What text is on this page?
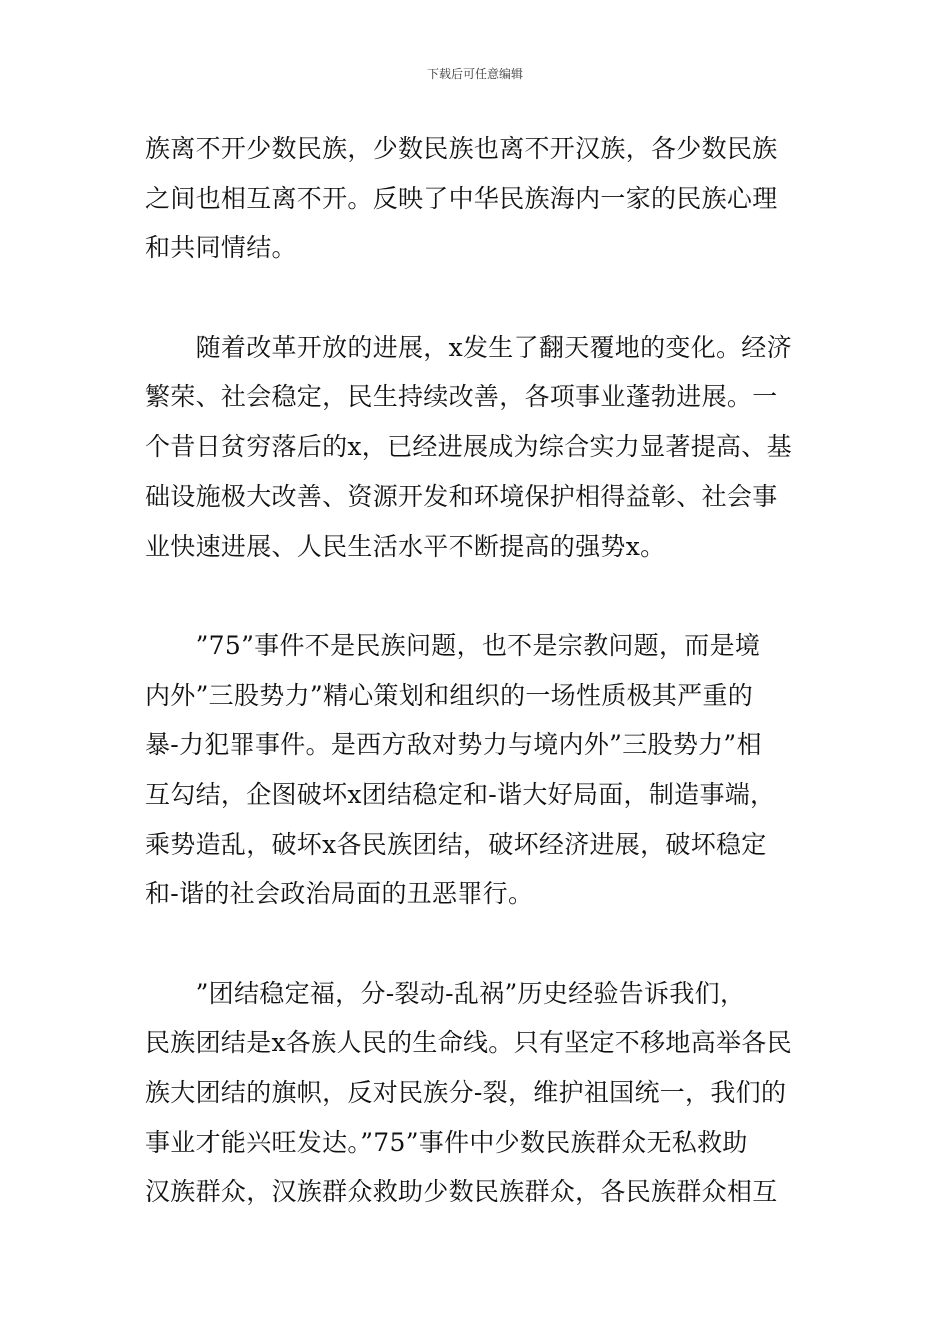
下载后可任意编辑
族离不开少数民族，少数民族也离不开汉族，各少数民族
之间也相互离不开。反映了中华民族海内一家的民族心理
和共同情结。
　　随着改革开放的进展，x发生了翻天覆地的变化。经济
繁荣、社会稳定，民生持续改善，各项事业蓬勃进展。一
个昔日贫穷落后的x，已经进展成为综合实力显著提高、基
础设施极大改善、资源开发和环境保护相得益彰、社会事
业快速进展、人民生活水平不断提高的强势x。
　　”75”事件不是民族问题，也不是宗教问题，而是境
内外”三股势力”精心策划和组织的一场性质极其严重的
暴-力犯罪事件。是西方敌对势力与境内外”三股势力”相
互勾结，企图破坏x团结稳定和-谐大好局面，制造事端，
乘势造乱，破坏x各民族团结，破坏经济进展，破坏稳定
和-谐的社会政治局面的丑恶罪行。
　　”团结稳定福，分-裂动-乱祸”历史经验告诉我们，
民族团结是x各族人民的生命线。只有坚定不移地高举各民
族大团结的旗帜，反对民族分-裂，维护祖国统一，我们的
事业才能兴旺发达。”75”事件中少数民族群众无私救助
汉族群众，汉族群众救助少数民族群众，各民族群众相互
